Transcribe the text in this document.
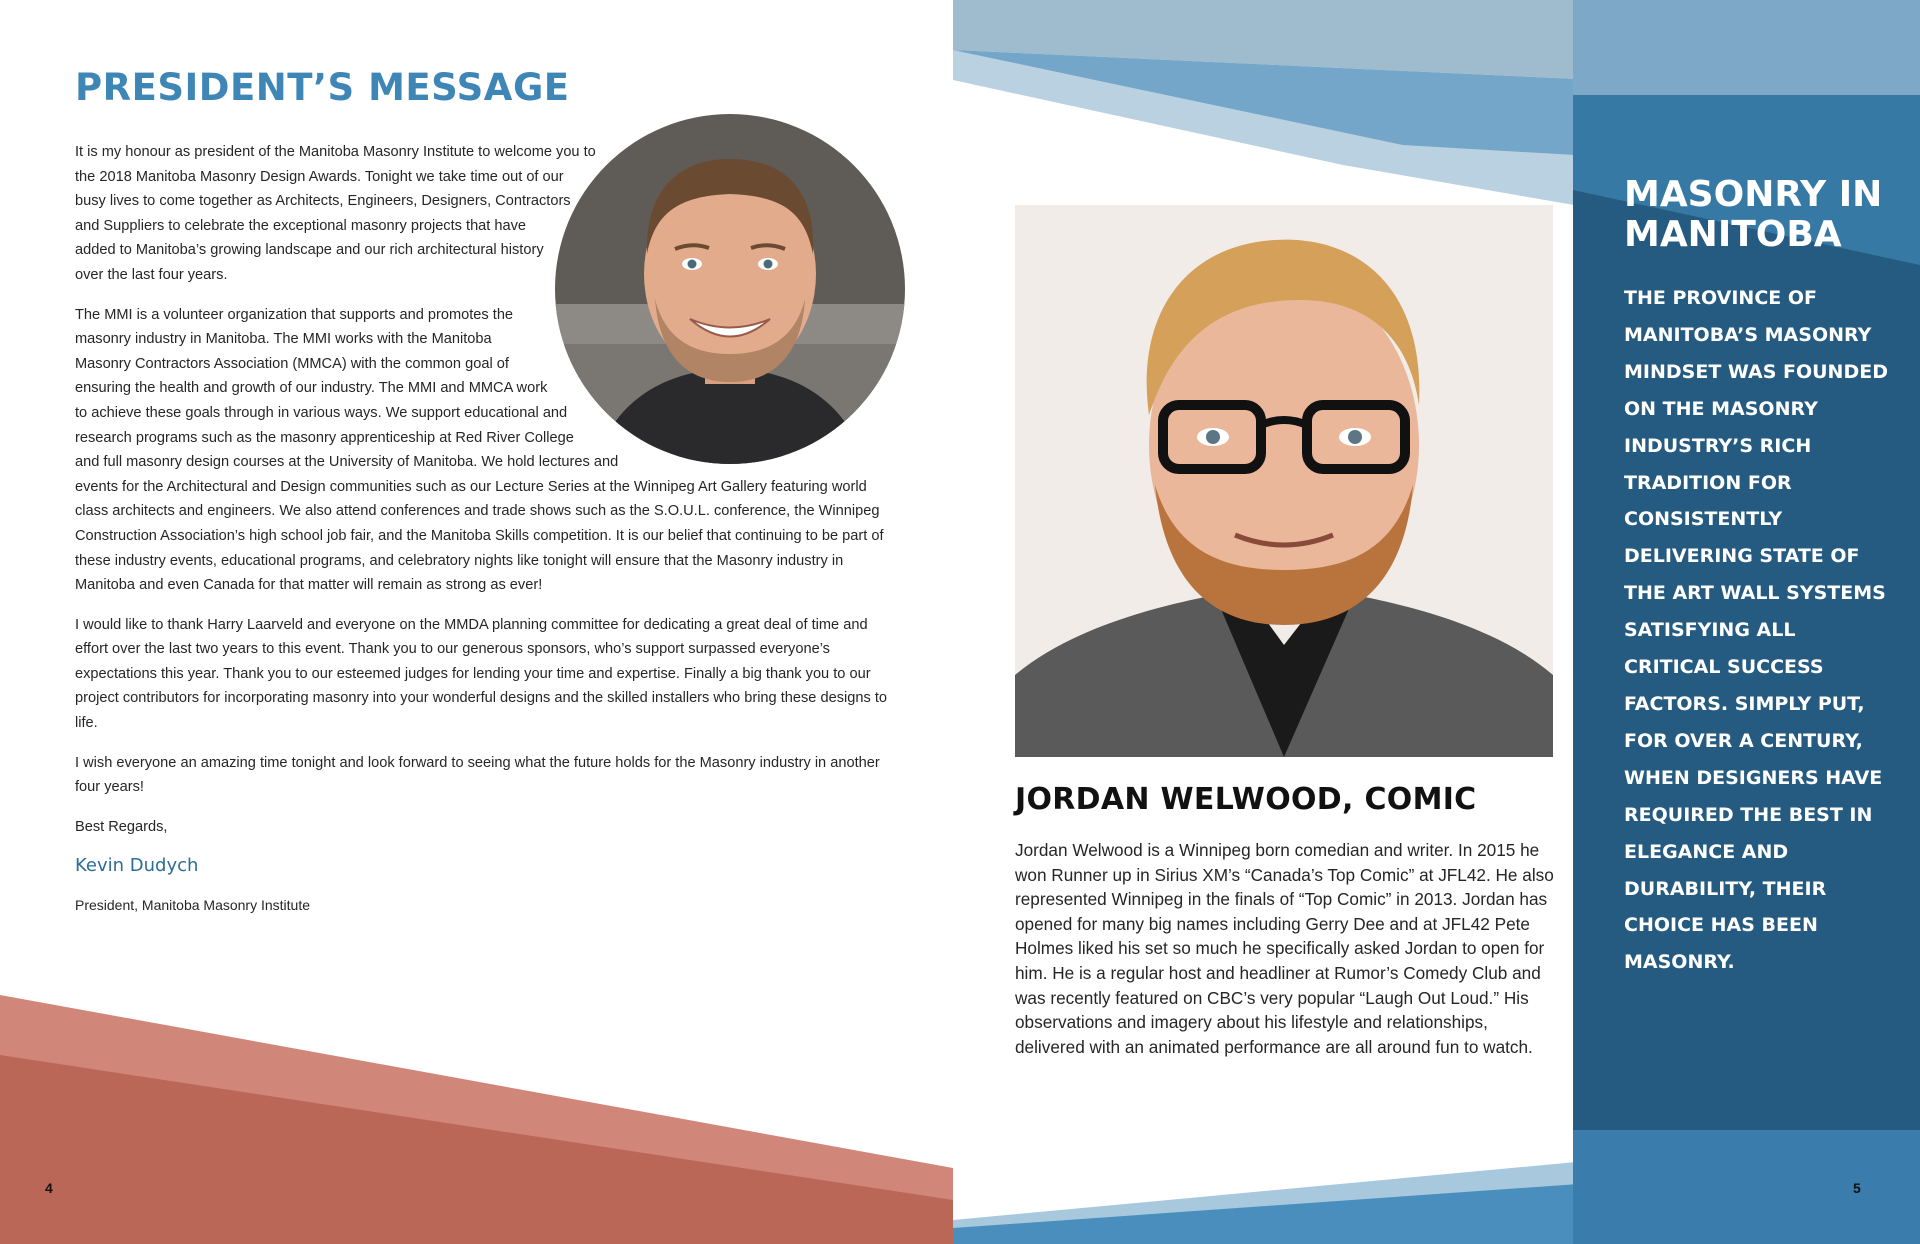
PRESIDENT’S MESSAGE

It is my honour as president of the Manitoba Masonry Institute to welcome you to the 2018 Manitoba Masonry Design Awards. Tonight we take time out of our busy lives to come together as Architects, Engineers, Designers, Contractors and Suppliers to celebrate the exceptional masonry projects that have added to Manitoba’s growing landscape and our rich architectural history over the last four years.

The MMI is a volunteer organization that supports and promotes the masonry industry in Manitoba. The MMI works with the Manitoba Masonry Contractors Association (MMCA) with the common goal of ensuring the health and growth of our industry. The MMI and MMCA work to achieve these goals through in various ways. We support educational and research programs such as the masonry apprenticeship at Red River College and full masonry design courses at the University of Manitoba. We hold lectures and events for the Architectural and Design communities such as our Lecture Series at the Winnipeg Art Gallery featuring world class architects and engineers. We also attend conferences and trade shows such as the S.O.U.L. conference, the Winnipeg Construction Association’s high school job fair, and the Manitoba Skills competition. It is our belief that continuing to be part of these industry events, educational programs, and celebratory nights like tonight will ensure that the Masonry industry in Manitoba and even Canada for that matter will remain as strong as ever!

I would like to thank Harry Laarveld and everyone on the MMDA planning committee for dedicating a great deal of time and effort over the last two years to this event. Thank you to our generous sponsors, who’s support surpassed everyone’s expectations this year. Thank you to our esteemed judges for lending your time and expertise. Finally a big thank you to our project contributors for incorporating masonry into your wonderful designs and the skilled installers who bring these designs to life.

I wish everyone an amazing time tonight and look forward to seeing what the future holds for the Masonry industry in another four years!

Best Regards,

Kevin Dudych

President, Manitoba Masonry Institute

4
JORDAN WELWOOD, COMIC

Jordan Welwood is a Winnipeg born comedian and writer. In 2015 he won Runner up in Sirius XM’s “Canada’s Top Comic” at JFL42. He also represented Winnipeg in the finals of “Top Comic” in 2013. Jordan has opened for many big names including Gerry Dee and at JFL42 Pete Holmes liked his set so much he specifically asked Jordan to open for him. He is a regular host and headliner at Rumor’s Comedy Club and was recently featured on CBC’s very popular “Laugh Out Loud.” His observations and imagery about his lifestyle and relationships, delivered with an animated performance are all around fun to watch.

MASONRY IN MANITOBA

THE PROVINCE OF MANITOBA’S MASONRY MINDSET WAS FOUNDED ON THE MASONRY INDUSTRY’S RICH TRADITION FOR CONSISTENTLY DELIVERING STATE OF THE ART WALL SYSTEMS SATISFYING ALL CRITICAL SUCCESS FACTORS. SIMPLY PUT, FOR OVER A CENTURY, WHEN DESIGNERS HAVE REQUIRED THE BEST IN ELEGANCE AND DURABILITY, THEIR CHOICE HAS BEEN MASONRY.

5
